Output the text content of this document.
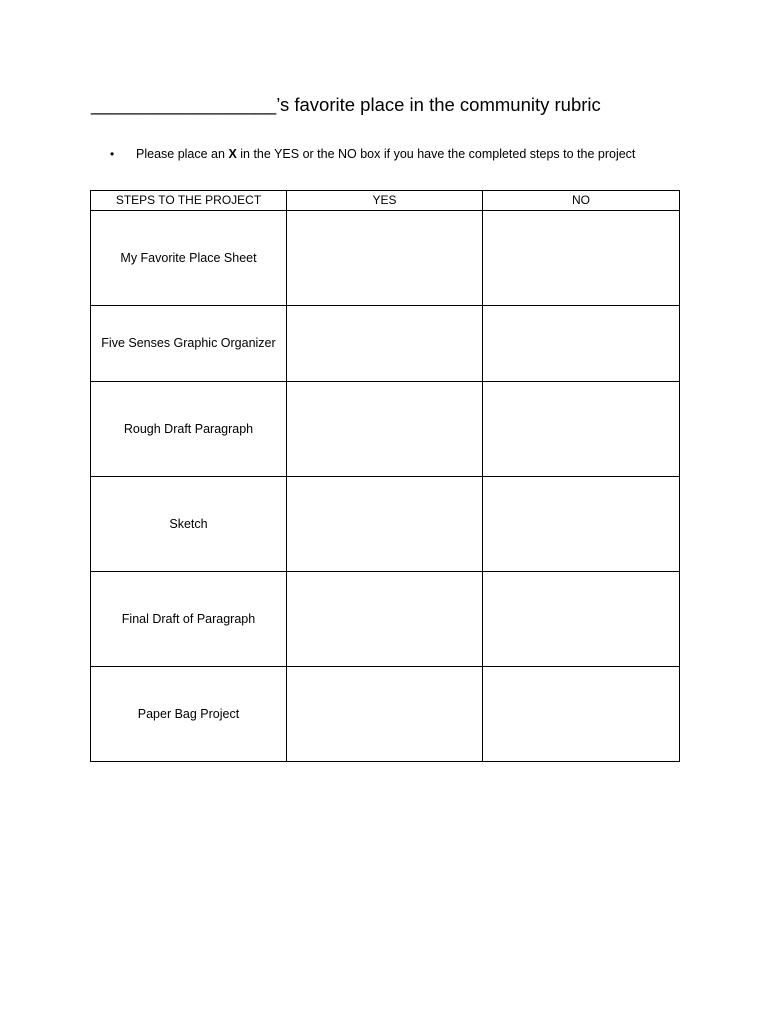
__________________’s favorite place in the community rubric
• Please place an X in the YES or the NO box if you have the completed steps to the project
STEPS TO THE PROJECT	YES	NO
My Favorite Place Sheet		
Five Senses Graphic Organizer		
Rough Draft Paragraph		
Sketch		
Final Draft of Paragraph		
Paper Bag Project		
